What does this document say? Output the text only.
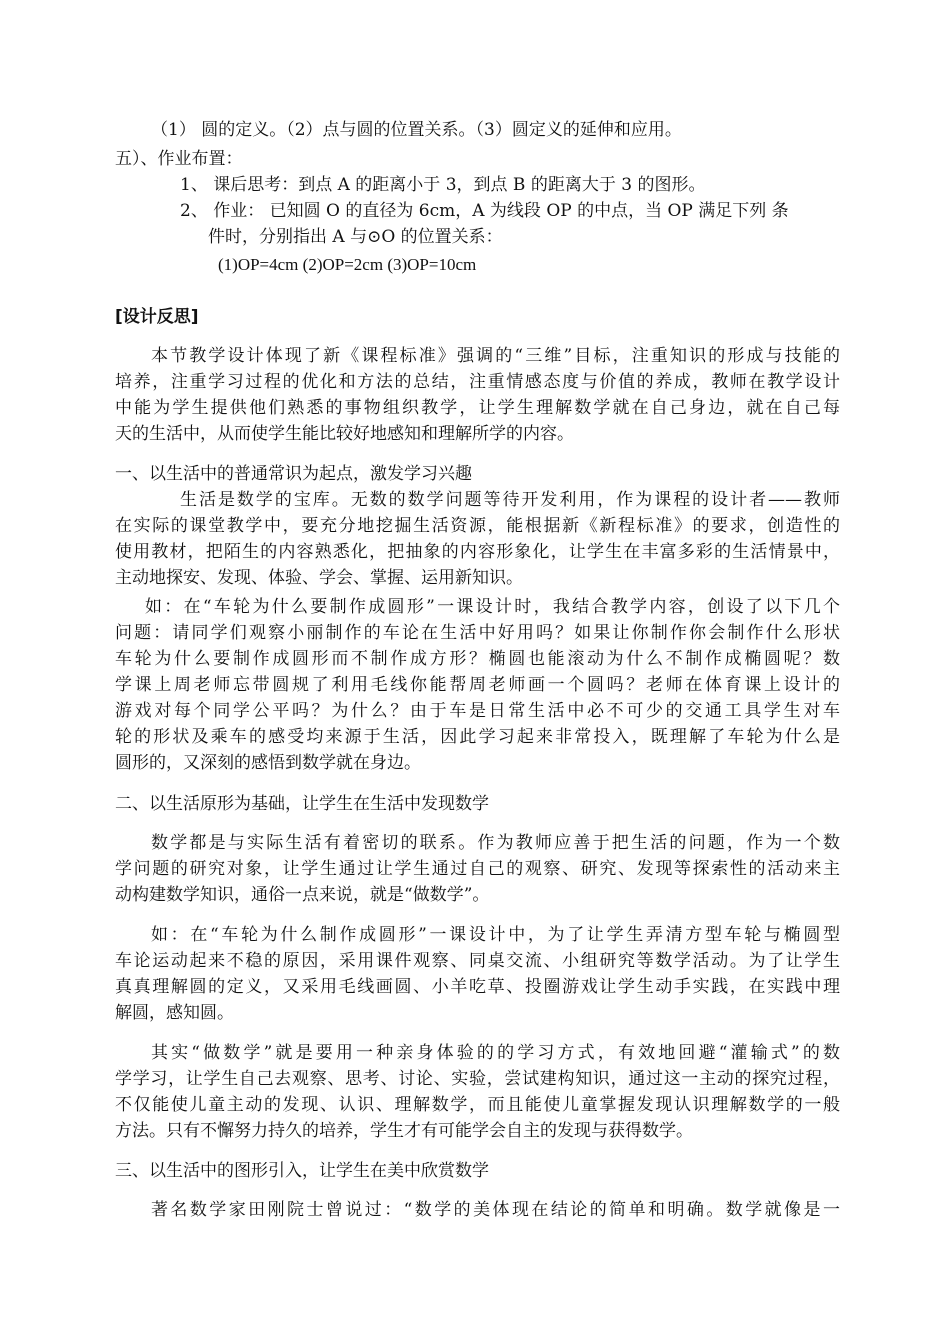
（1） 圆的定义。（2）点与圆的位置关系。（3）圆定义的延伸和应用。
五）、作业布置：
1、 课后思考：到点 A 的距离小于 3，到点 B 的距离大于 3 的图形。
2、 作业： 已知圆 O 的直径为 6cm，A 为线段 OP 的中点，当 OP 满足下列 条
件时，分别指出 A 与⊙O 的位置关系：
(1)OP=4cm (2)OP=2cm (3)OP=10cm
[设计反思]
本节教学设计体现了新《课程标准》强调的“三维”目标，注重知识的形成与技能的
培养，注重学习过程的优化和方法的总结，注重情感态度与价值的养成，教师在教学设计
中能为学生提供他们熟悉的事物组织教学，让学生理解数学就在自己身边，就在自己每
天的生活中，从而使学生能比较好地感知和理解所学的内容。
一、以生活中的普通常识为起点，激发学习兴趣
生活是数学的宝库。无数的数学问题等待开发利用，作为课程的设计者——教师
在实际的课堂教学中，要充分地挖掘生活资源，能根据新《新程标准》的要求，创造性的
使用教材，把陌生的内容熟悉化，把抽象的内容形象化，让学生在丰富多彩的生活情景中，
主动地探安、发现、体验、学会、掌握、运用新知识。
如：在“车轮为什么要制作成圆形”一课设计时，我结合教学内容，创设了以下几个
问题：请同学们观察小丽制作的车论在生活中好用吗？如果让你制作你会制作什么形状
车轮为什么要制作成圆形而不制作成方形？椭圆也能滚动为什么不制作成椭圆呢？数
学课上周老师忘带圆规了利用毛线你能帮周老师画一个圆吗？老师在体育课上设计的
游戏对每个同学公平吗？为什么？由于车是日常生活中必不可少的交通工具学生对车
轮的形状及乘车的感受均来源于生活，因此学习起来非常投入，既理解了车轮为什么是
圆形的，又深刻的感悟到数学就在身边。
二、以生活原形为基础，让学生在生活中发现数学
数学都是与实际生活有着密切的联系。作为教师应善于把生活的问题，作为一个数
学问题的研究对象，让学生通过让学生通过自己的观察、研究、发现等探索性的活动来主
动构建数学知识，通俗一点来说，就是“做数学”。
如：在“车轮为什么制作成圆形”一课设计中，为了让学生弄清方型车轮与椭圆型
车论运动起来不稳的原因，采用课件观察、同桌交流、小组研究等数学活动。为了让学生
真真理解圆的定义，又采用毛线画圆、小羊吃草、投圈游戏让学生动手实践，在实践中理
解圆，感知圆。
其实“做数学”就是要用一种亲身体验的的学习方式，有效地回避“灌输式”的数
学学习，让学生自己去观察、思考、讨论、实验，尝试建构知识，通过这一主动的探究过程，
不仅能使儿童主动的发现、认识、理解数学，而且能使儿童掌握发现认识理解数学的一般
方法。只有不懈努力持久的培养，学生才有可能学会自主的发现与获得数学。
三、以生活中的图形引入，让学生在美中欣赏数学
著名数学家田刚院士曾说过：“数学的美体现在结论的简单和明确。数学就像是一
